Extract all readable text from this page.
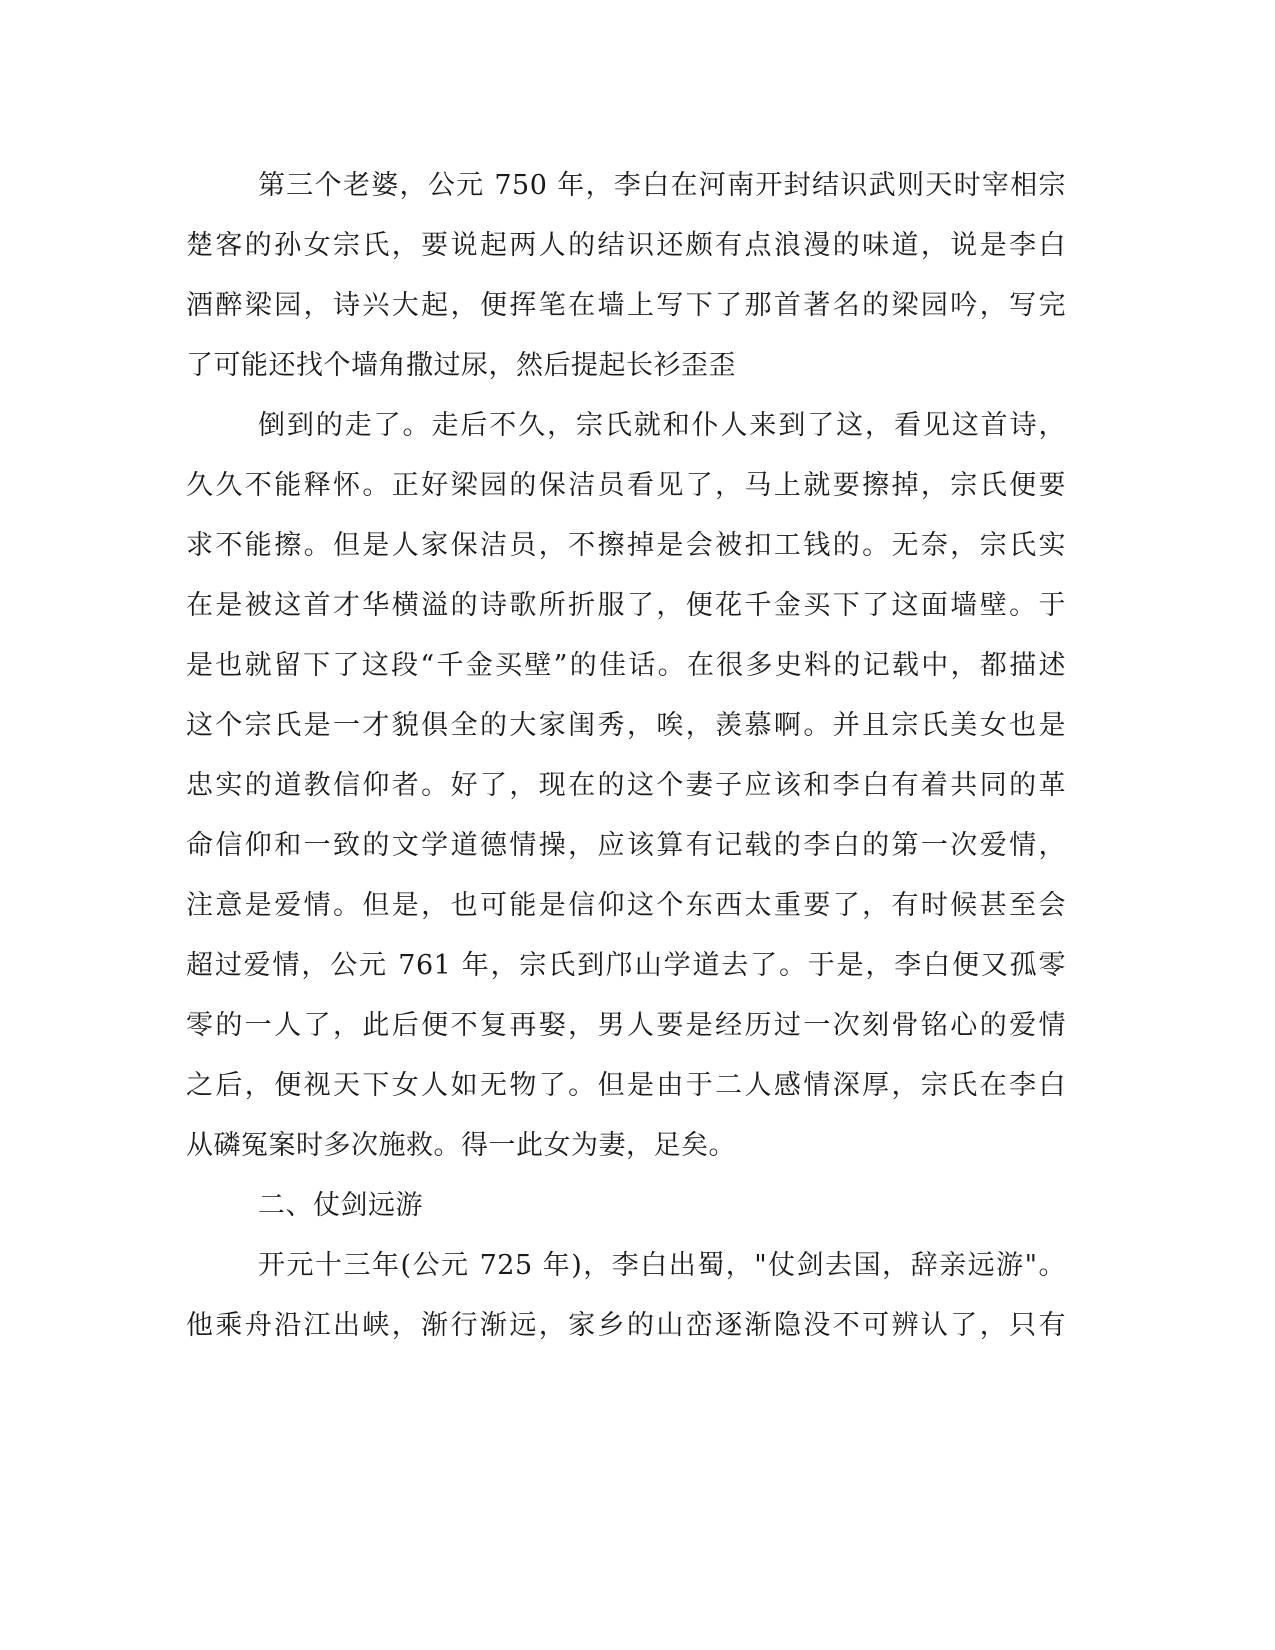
第三个老婆，公元 750 年，李白在河南开封结识武则天时宰相宗
楚客的孙女宗氏，要说起两人的结识还颇有点浪漫的味道，说是李白
酒醉梁园，诗兴大起，便挥笔在墙上写下了那首著名的梁园吟，写完
了可能还找个墙角撒过尿，然后提起长衫歪歪
倒到的走了。走后不久，宗氏就和仆人来到了这，看见这首诗，
久久不能释怀。正好梁园的保洁员看见了，马上就要擦掉，宗氏便要
求不能擦。但是人家保洁员，不擦掉是会被扣工钱的。无奈，宗氏实
在是被这首才华横溢的诗歌所折服了，便花千金买下了这面墙壁。于
是也就留下了这段“千金买壁”的佳话。在很多史料的记载中，都描述
这个宗氏是一才貌俱全的大家闺秀，唉，羡慕啊。并且宗氏美女也是
忠实的道教信仰者。好了，现在的这个妻子应该和李白有着共同的革
命信仰和一致的文学道德情操，应该算有记载的李白的第一次爱情，
注意是爱情。但是，也可能是信仰这个东西太重要了，有时候甚至会
超过爱情，公元 761 年，宗氏到邝山学道去了。于是，李白便又孤零
零的一人了，此后便不复再娶，男人要是经历过一次刻骨铭心的爱情
之后，便视天下女人如无物了。但是由于二人感情深厚，宗氏在李白
从磷冤案时多次施救。得一此女为妻，足矣。
二、仗剑远游
开元十三年(公元 725 年)，李白出蜀，"仗剑去国，辞亲远游"。
他乘舟沿江出峡，渐行渐远，家乡的山峦逐渐隐没不可辨认了，只有
